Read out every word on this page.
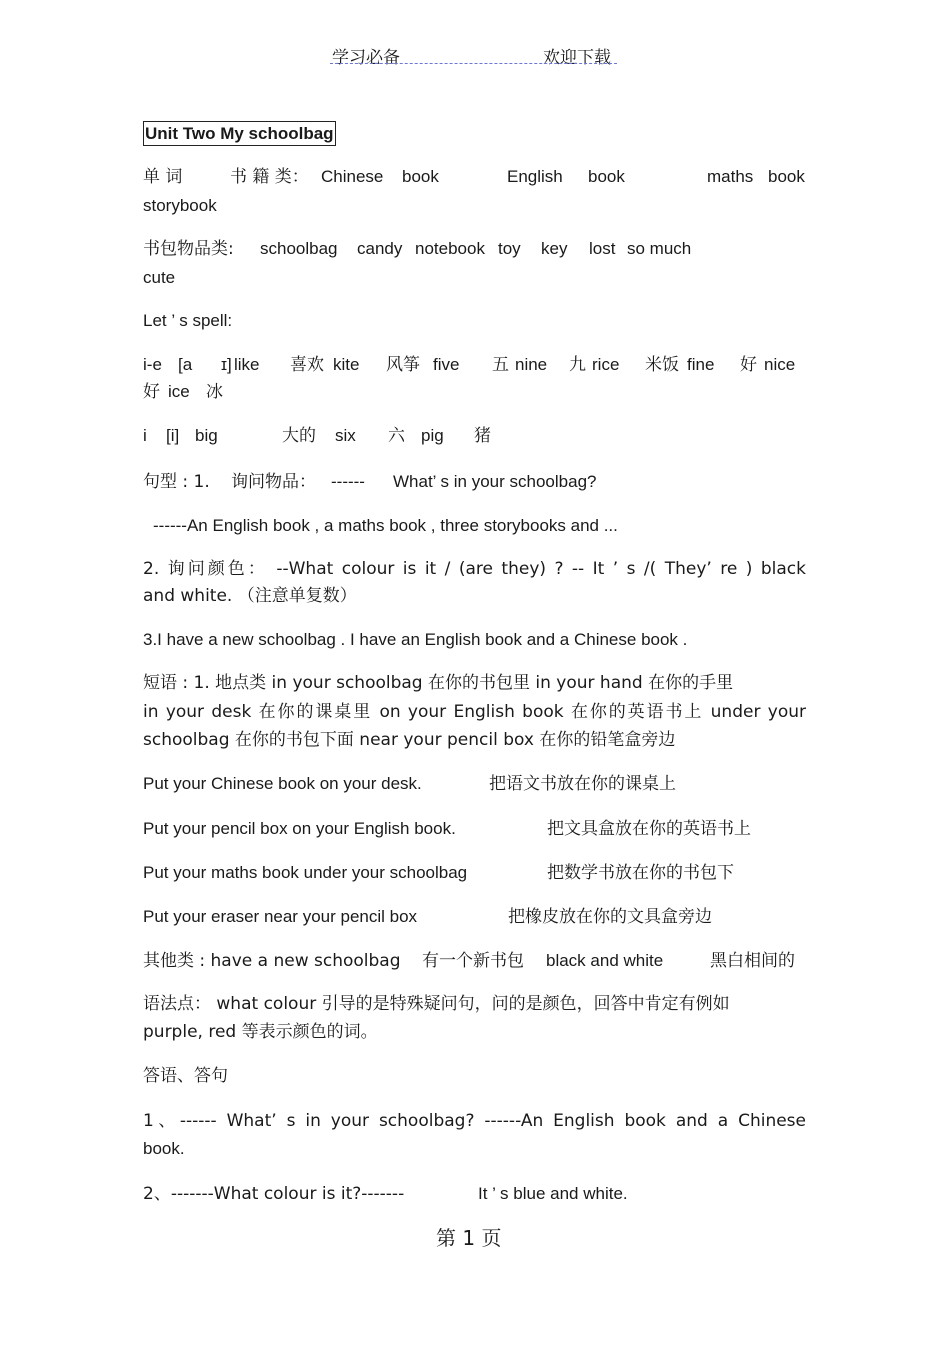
学习必备	欢迎下载
Unit Two My schoolbag
单 词	书 籍 类： Chinese book	English book	maths book
storybook
书包物品类: schoolbag candy notebook toy key lost so much
cute
Let ’ s spell:
i-e [a ɪ] like 喜欢 kite 风筝 five 五 nine 九 rice 米饭 fine 好 nice
好 ice 冰
i [i] big	大的 six 六 pig 猪
句型 : 1. 询问物品： ------ What’ s in your schoolbag?
------An English book , a maths book , three storybooks and ...
2. 询问颜色： --What colour is it / (are they) ? -- It ’ s /( They’ re ) black
and white. （注意单复数）
3.I have a new schoolbag . I have an English book and a Chinese book .
短语 : 1. 地点类 in your schoolbag 在你的书包里 in your hand 在你的手里
in your desk 在你的课桌里 on your English book 在你的英语书上 under your
schoolbag 在你的书包下面 near your pencil box 在你的铅笔盒旁边
Put your Chinese book on your desk.	把语文书放在你的课桌上
Put your pencil box on your English book.	把文具盒放在你的英语书上
Put your maths book under your schoolbag	把数学书放在你的书包下
Put your eraser near your pencil box	把橡皮放在你的文具盒旁边
其他类 : have a new schoolbag 有一个新书包 black and white	黑白相间的
语法点： what colour 引导的是特殊疑问句，问的是颜色，回答中肯定有例如
purple, red 等表示颜色的词。
答语、答句
1、------ What’ s in your schoolbag? ------An English book and a Chinese
book.
2、-------What colour is it?-------	It ’ s blue and white.
第 1 页
